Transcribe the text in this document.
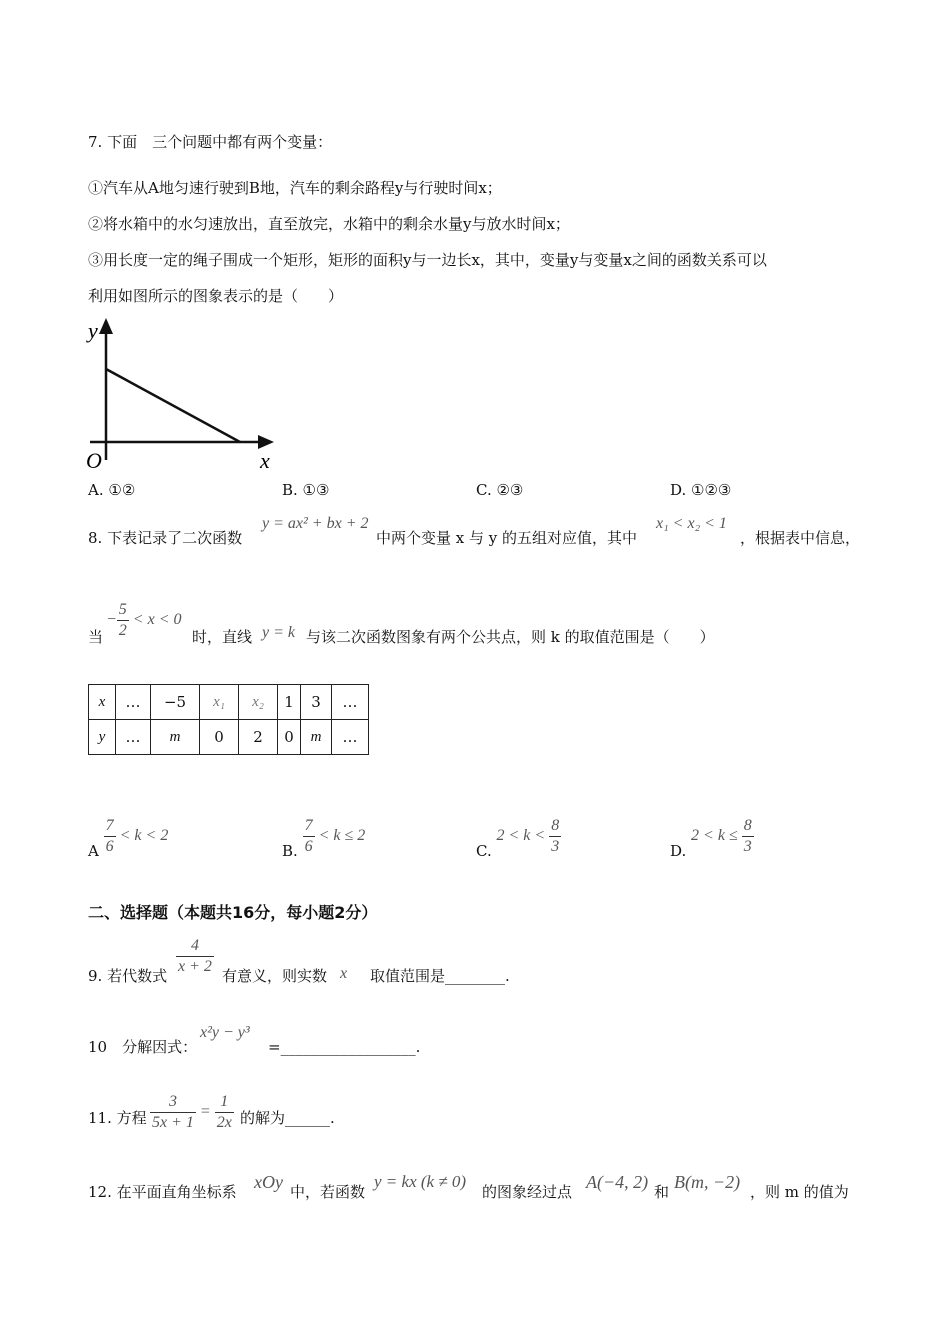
7. 下面　三个问题中都有两个变量：
①汽车从A地匀速行驶到B地，汽车的剩余路程y与行驶时间x；
②将水箱中的水匀速放出，直至放完，水箱中的剩余水量y与放水时间x；
③用长度一定的绳子围成一个矩形，矩形的面积y与一边长x，其中，变量y与变量x之间的函数关系可以
利用如图所示的图象表示的是（　　）
y
x
O
A. ①②	B. ①③	C. ②③	D. ①②③
8. 下表记录了二次函数
y = ax² + bx + 2
中两个变量 x 与 y 的五组对应值，其中
x₁ < x₂ < 1
，根据表中信息，
当
− $\frac{5}{2} < x < 0$
时，直线 y = k 与该二次函数图象有两个公共点，则 k 的取值范围是（　　）
x	…	−5	x₁	x₂	1	3	…
y	…	m	0	2	0	m	…
A $\frac{7}{6} < k < 2$
B. $\frac{7}{6} < k \le 2$
C. $2 < k < \frac{8}{3}$	D. $2 < k \le \frac{8}{3}$
二、选择题（本题共16分，每小题2分）
9. 若代数式 $\frac{4}{x + 2}$ 有意义，则实数 x 取值范围是________.
10　分解因式：
x²y − y³
=__________________.
11. 方程 $\frac{3}{5x + 1} = \frac{1}{2x}$ 的解为______.
12. 在平面直角坐标系 xOy 中，若函数
y = kx (k ≠ 0)
的图象经过点 A(−4, 2) 和 B(m, −2) ，则 m 的值为
